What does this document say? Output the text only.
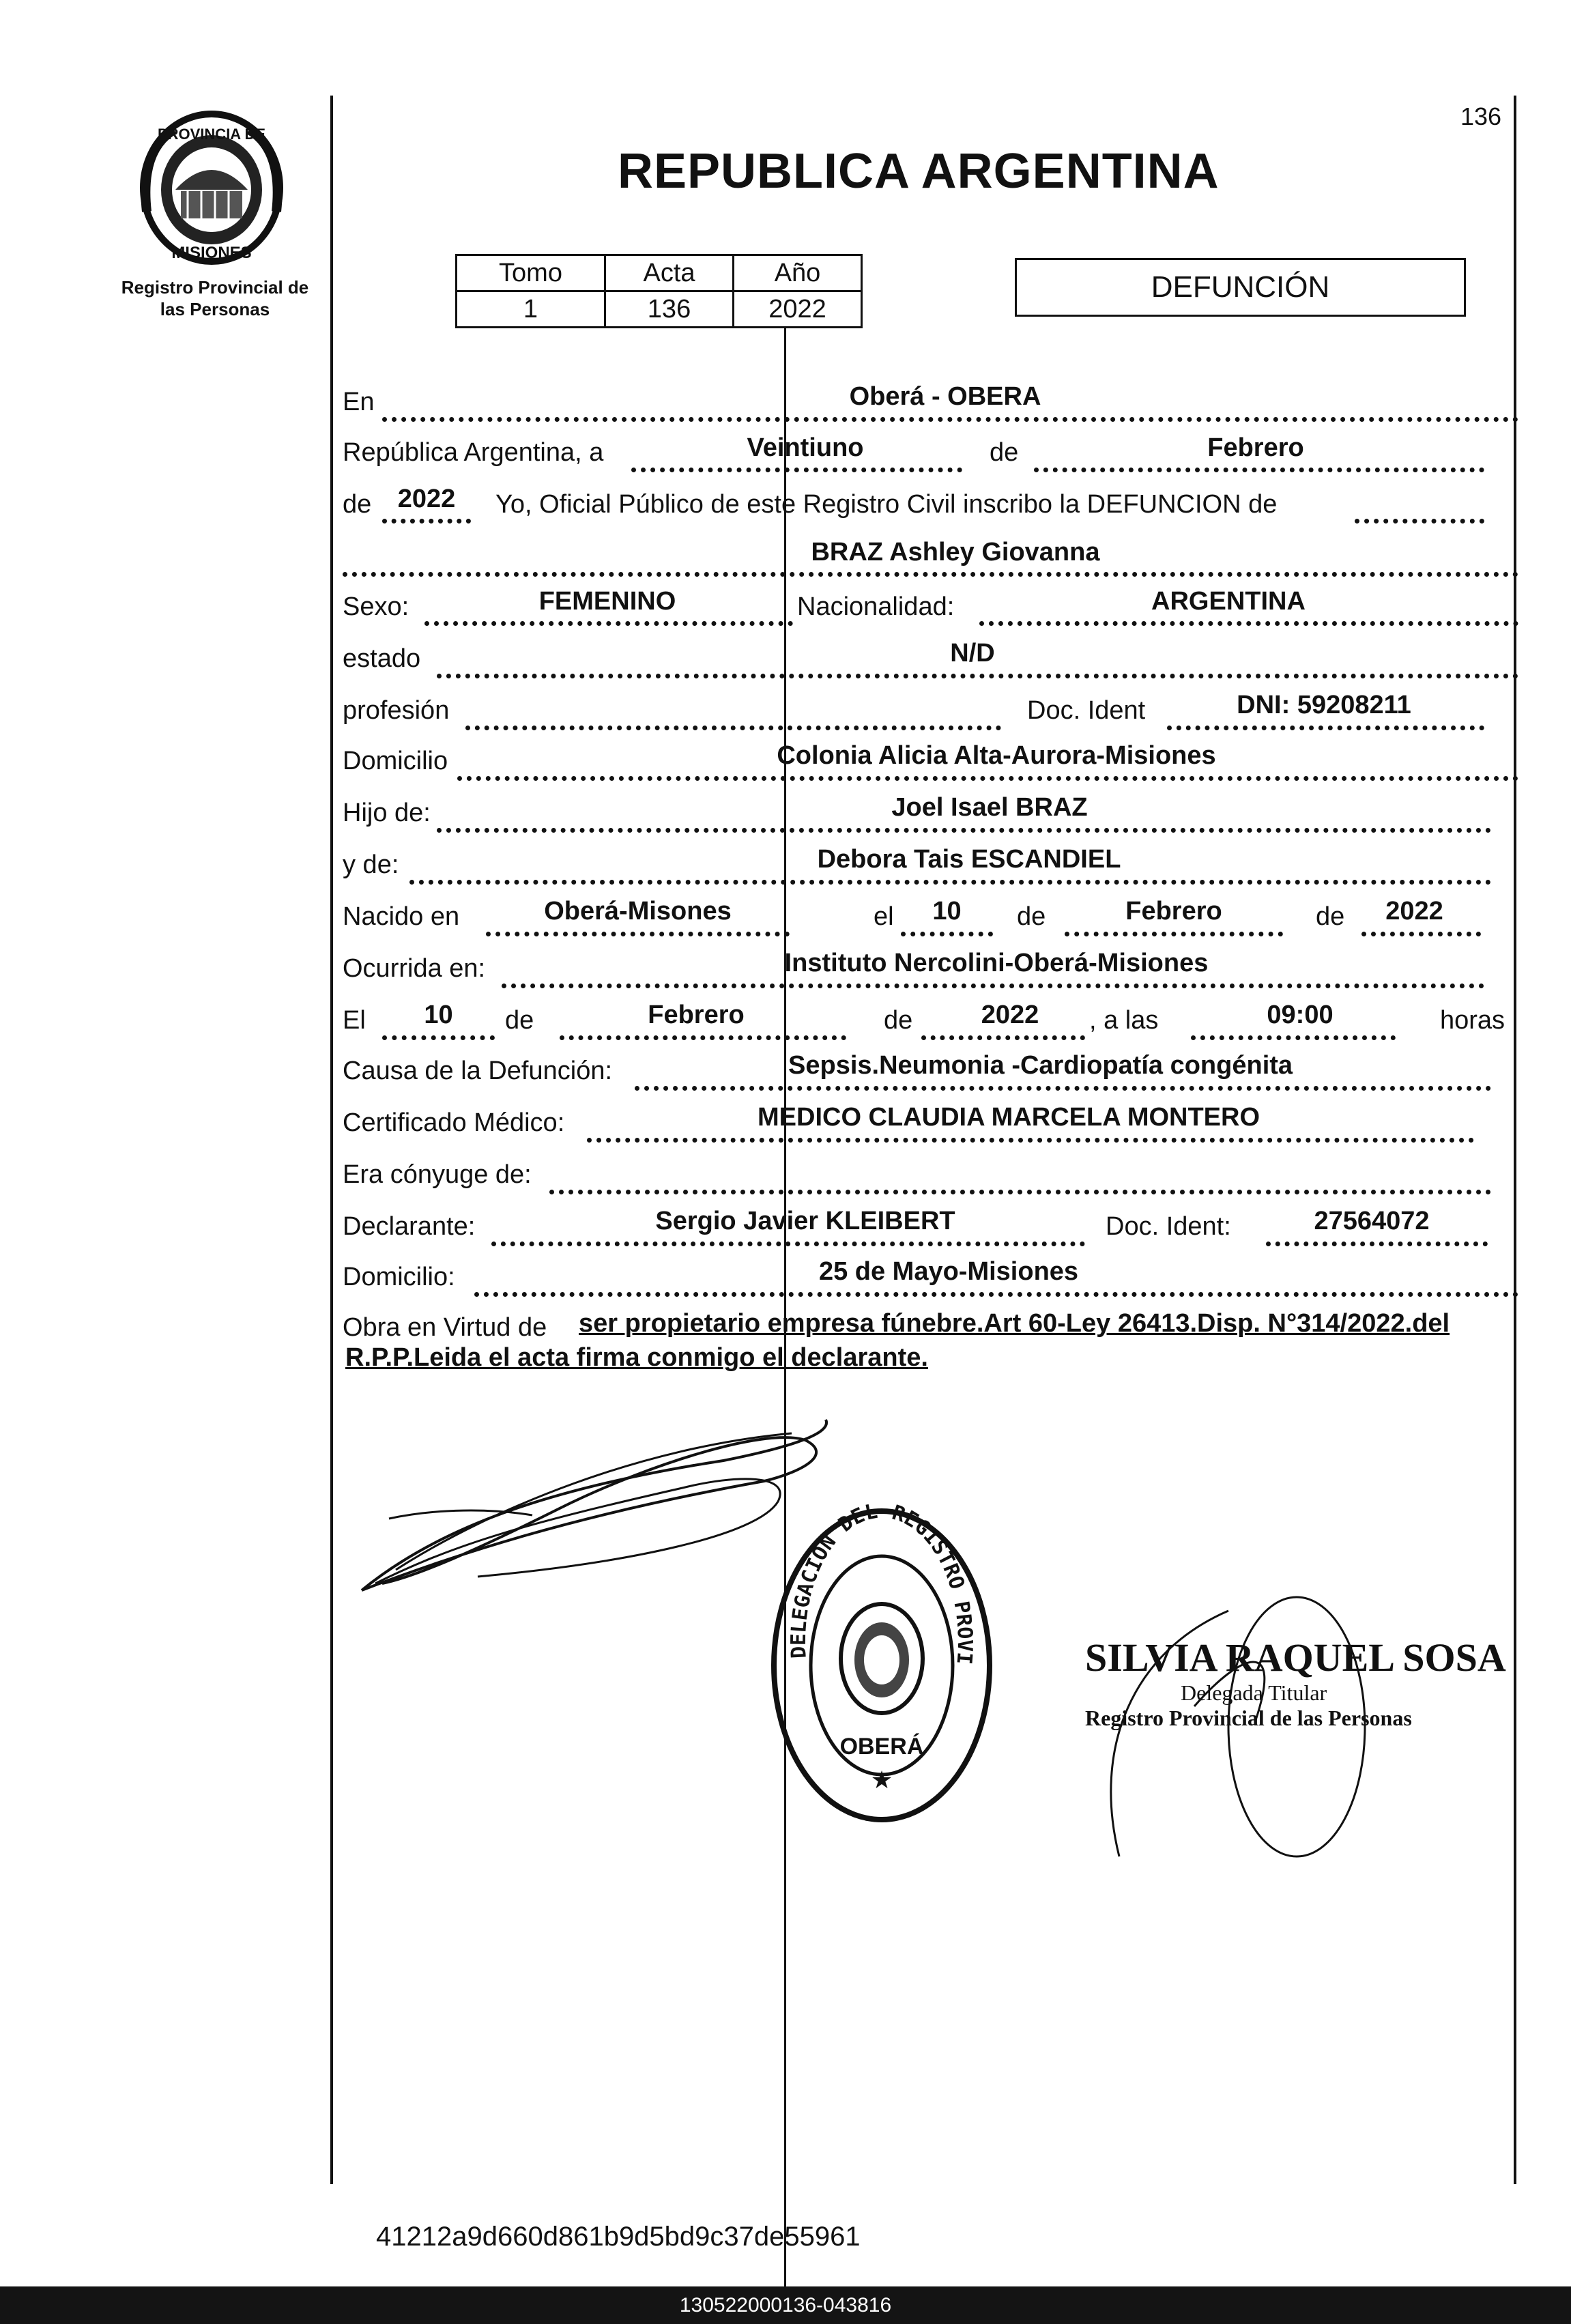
136
PROVINCIA DE
MISIONES
Registro Provincial de
las Personas
REPUBLICA ARGENTINA
Tomo	Acta	Año
1	136	2022
DEFUNCIÓN
En	Oberá - OBERA
República Argentina, a	Veintiuno	de	Febrero
de	2022	Yo, Oficial Público de este Registro Civil inscribo la DEFUNCION de
BRAZ Ashley Giovanna
Sexo:	FEMENINO	Nacionalidad:	ARGENTINA
estado	N/D
profesión	Doc. Ident	DNI: 59208211
Domicilio	Colonia Alicia Alta-Aurora-Misiones
Hijo de:	Joel Isael BRAZ
y de:	Debora Tais ESCANDIEL
Nacido en	Oberá-Misones	el	10	de	Febrero	de	2022
Ocurrida en:	Instituto Nercolini-Oberá-Misiones
El	10	de	Febrero	de	2022	, a las	09:00	horas
Causa de la Defunción:	Sepsis.Neumonia -Cardiopatía congénita
Certificado Médico:	MEDICO CLAUDIA MARCELA MONTERO
Era cónyuge de:
Declarante:	Sergio Javier KLEIBERT	Doc. Ident:	27564072
Domicilio:	25 de Mayo-Misiones
Obra en Virtud de ser propietario empresa fúnebre.Art 60-Ley 26413.Disp. N°314/2022.del
R.P.P.Leida el acta firma conmigo el declarante.
DELEGACION DEL REGISTRO PROVI
OBERÁ
★
SILVIA RAQUEL SOSA
Delegada Titular
Registro Provincial de las Personas
41212a9d660d861b9d5bd9c37de55961
130522000136-043816
